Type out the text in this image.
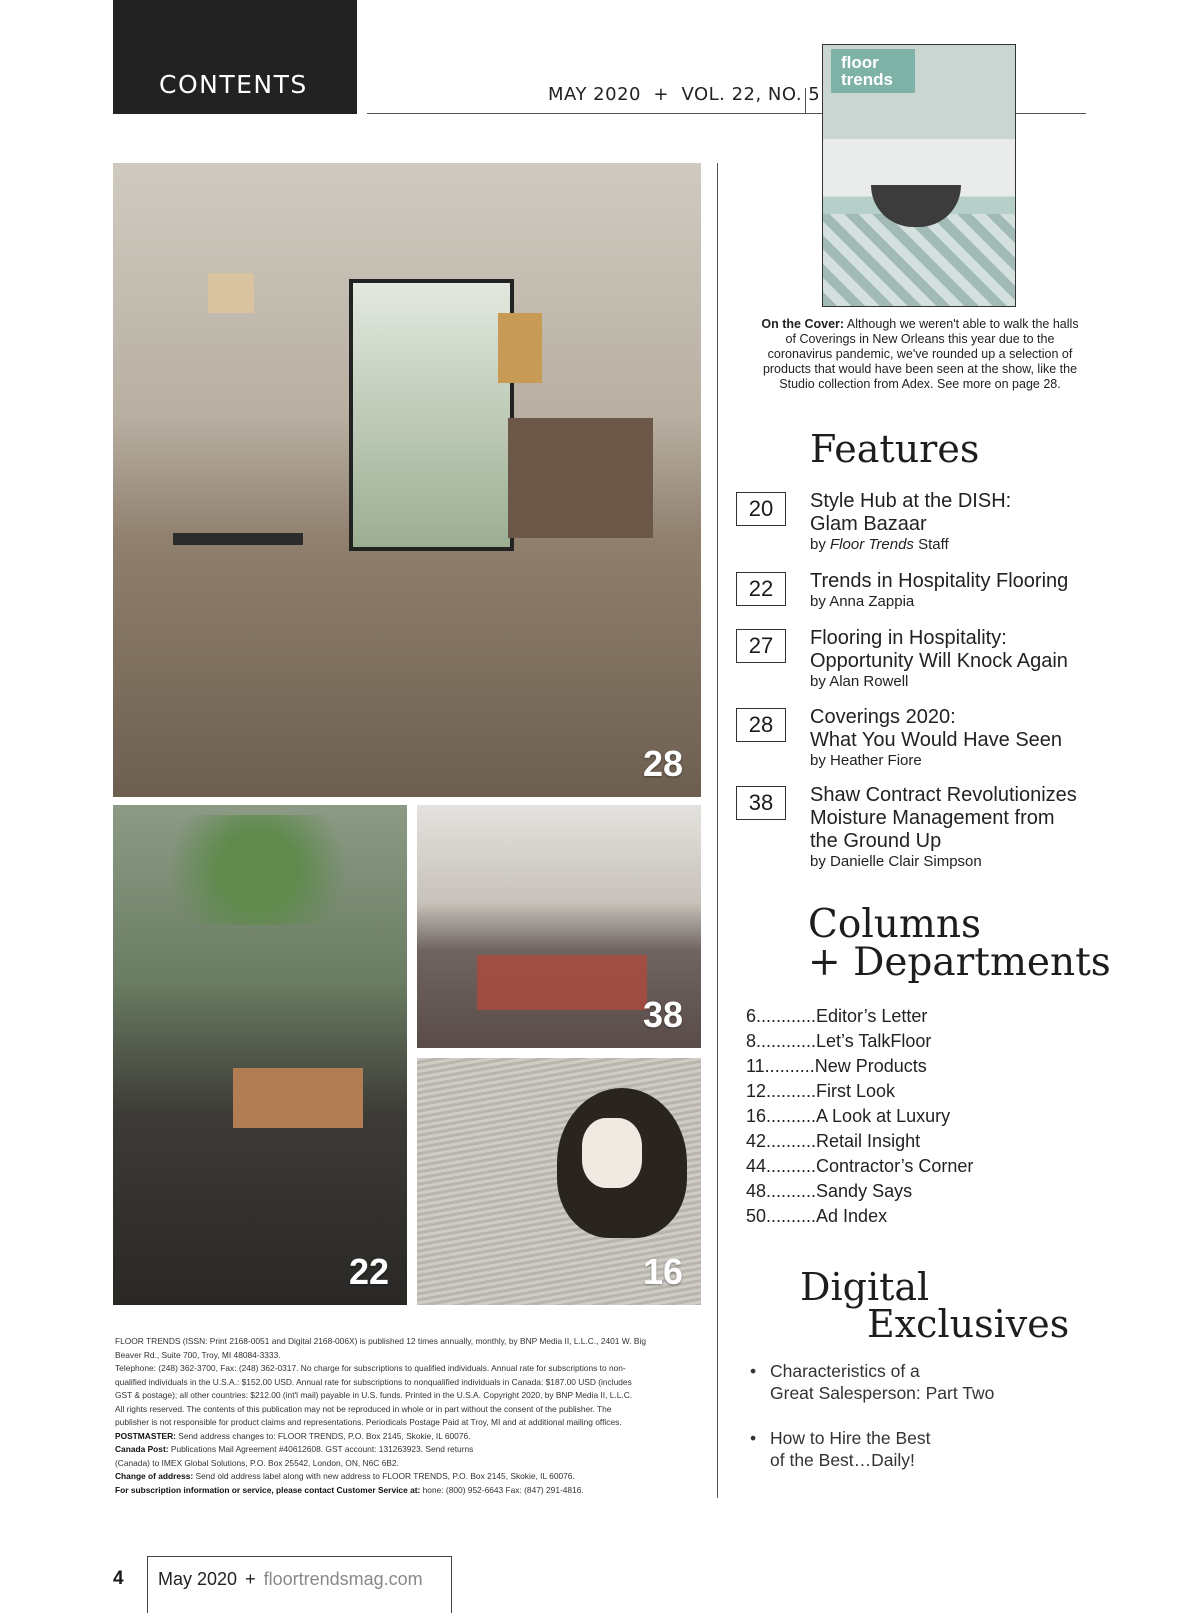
CONTENTS	MAY 2020  +  VOL. 22, NO. 5
floor trends
On the Cover: Although we weren't able to walk the halls of Coverings in New Orleans this year due to the coronavirus pandemic, we've rounded up a selection of products that would have been seen at the show, like the Studio collection from Adex. See more on page 28.
28
22
38
16
Features
20	Style Hub at the DISH:
Glam Bazaar
by Floor Trends Staff
22	Trends in Hospitality Flooring
by Anna Zappia
27	Flooring in Hospitality:
Opportunity Will Knock Again
by Alan Rowell
28	Coverings 2020:
What You Would Have Seen
by Heather Fiore
38	Shaw Contract Revolutionizes
Moisture Management from
the Ground Up
by Danielle Clair Simpson
Columns
+ Departments
6............Editor’s Letter
8............Let’s TalkFloor
11..........New Products
12..........First Look
16..........A Look at Luxury
42..........Retail Insight
44..........Contractor’s Corner
48..........Sandy Says
50..........Ad Index
Digital
Exclusives
• Characteristics of a
Great Salesperson: Part Two
• How to Hire the Best
of the Best…Daily!

FLOOR TRENDS (ISSN: Print 2168-0051 and Digital 2168-006X) is published 12 times annually, monthly, by BNP Media II, L.L.C., 2401 W. Big

Beaver Rd., Suite 700, Troy, MI 48084-3333.

Telephone: (248) 362-3700, Fax: (248) 362-0317. No charge for subscriptions to qualified individuals. Annual rate for subscriptions to non-

qualified individuals in the U.S.A.: $152.00 USD. Annual rate for subscriptions to nonqualified individuals in Canada: $187.00 USD (includes

GST & postage); all other countries: $212.00 (int'l mail) payable in U.S. funds. Printed in the U.S.A. Copyright 2020, by BNP Media II, L.L.C.

All rights reserved. The contents of this publication may not be reproduced in whole or in part without the consent of the publisher. The

publisher is not responsible for product claims and representations. Periodicals Postage Paid at Troy, MI and at additional mailing offices.

POSTMASTER: Send address changes to: FLOOR TRENDS, P.O. Box 2145, Skokie, IL 60076.

Canada Post: Publications Mail Agreement #40612608. GST account: 131263923. Send returns

(Canada) to IMEX Global Solutions, P.O. Box 25542, London, ON, N6C 6B2.

Change of address: Send old address label along with new address to FLOOR TRENDS, P.O. Box 2145, Skokie, IL 60076.

For subscription information or service, please contact Customer Service at: hone: (800) 952-6643 Fax: (847) 291-4816.

4 May 2020 + floortrendsmag.com
